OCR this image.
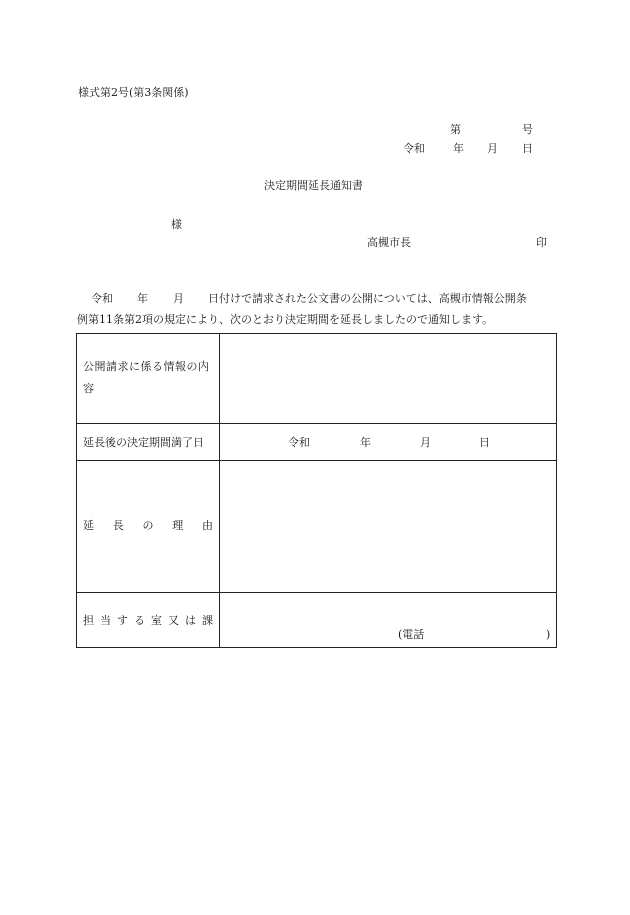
様式第2号(第3条関係)
第	号
令和	年 月 日
決定期間延長通知書
様
高槻市長	印
令和 年 月 日付けで請求された公文書の公開については、高槻市情報公開条
例第11条第2項の規定により、次のとおり決定期間を延長しましたので通知します。
公開請求に係る情報の内容
延長後の決定期間満了日	令和	年	月	日
延 長 の 理 由
担 当 す る 室 又 は 課
(電話	)
